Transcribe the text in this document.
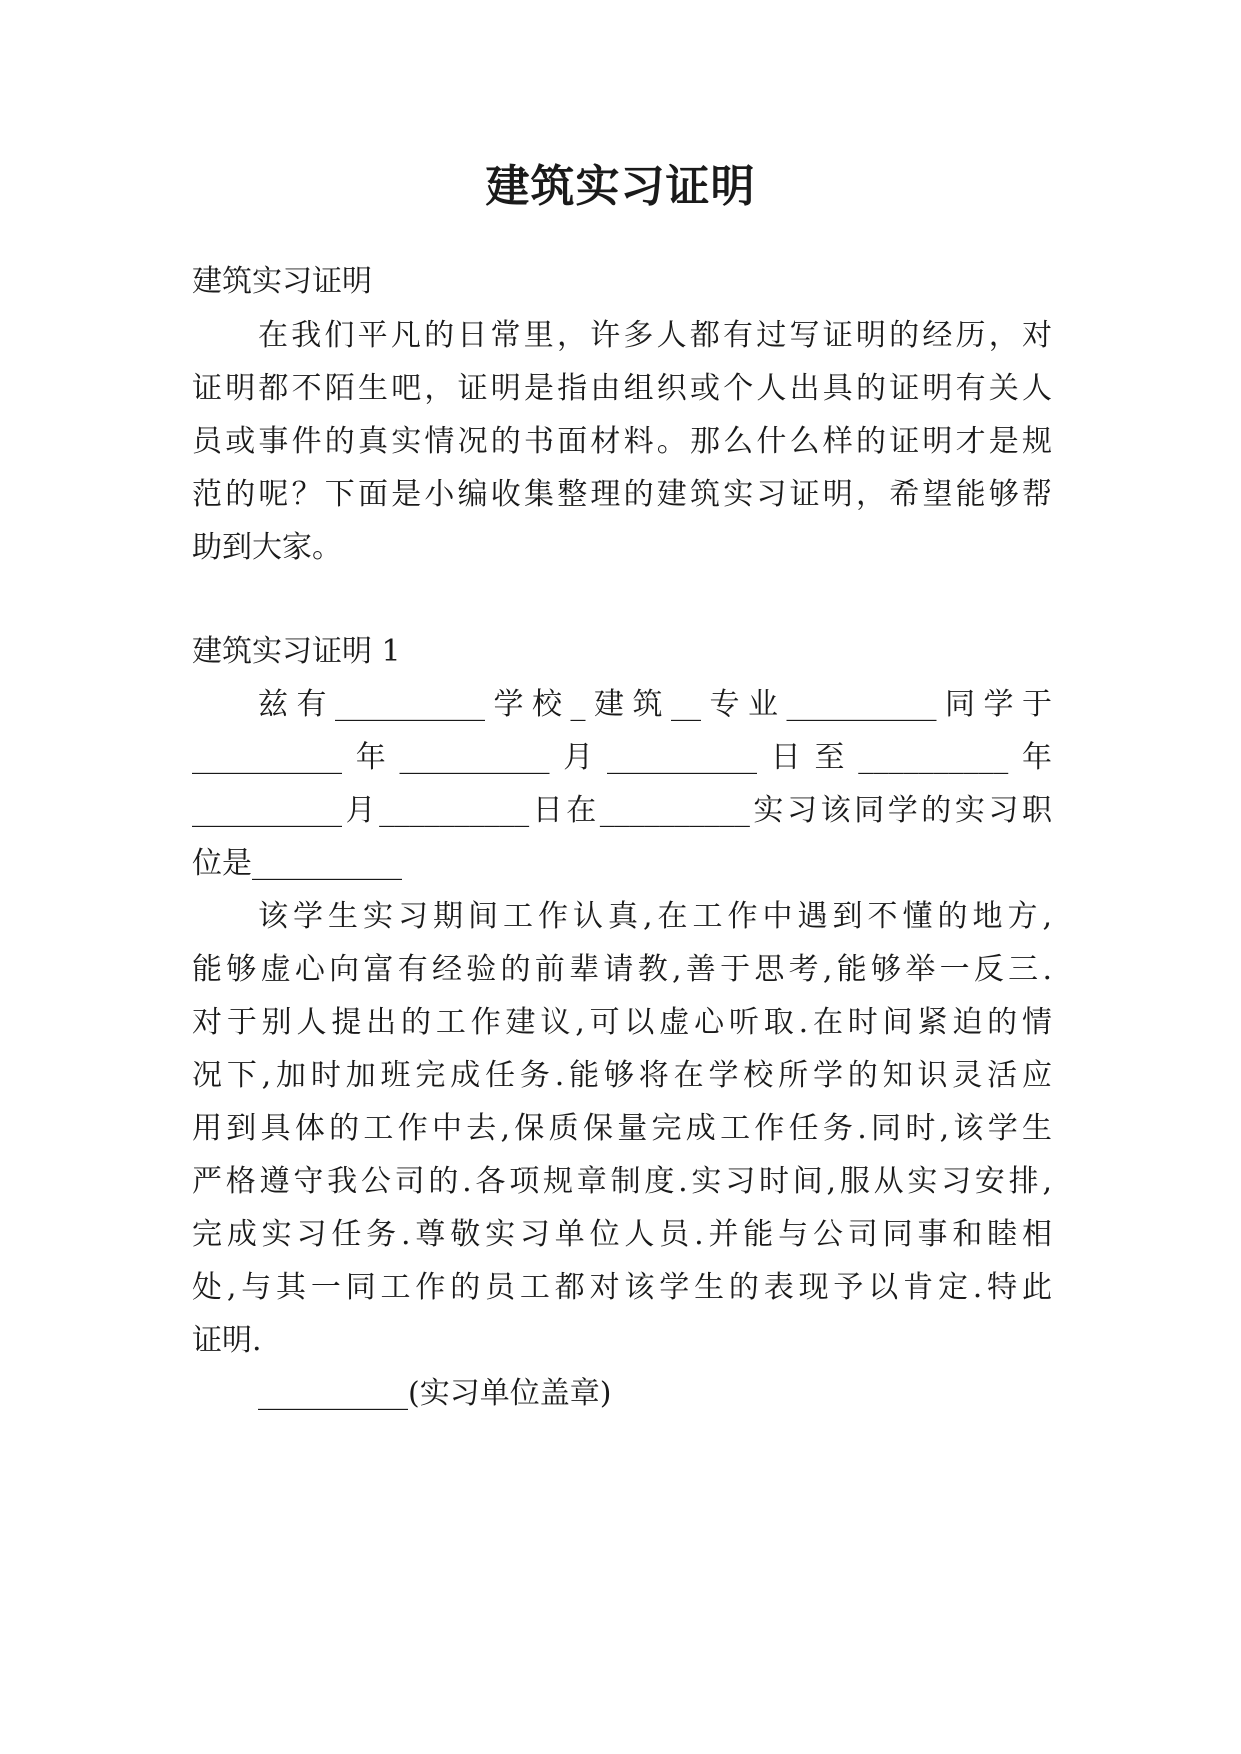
建筑实习证明
建筑实习证明
在我们平凡的日常里，许多人都有过写证明的经历，对
证明都不陌生吧，证明是指由组织或个人出具的证明有关人
员或事件的真实情况的书面材料。那么什么样的证明才是规
范的呢？下面是小编收集整理的建筑实习证明，希望能够帮
助到大家。
建筑实习证明 1
兹有__________学校_建筑__专业__________同学于
__________年__________月__________日至__________年
__________月__________日在__________实习该同学的实习职
位是__________
该学生实习期间工作认真,在工作中遇到不懂的地方,
能够虚心向富有经验的前辈请教,善于思考,能够举一反三.
对于别人提出的工作建议,可以虚心听取.在时间紧迫的情
况下,加时加班完成任务.能够将在学校所学的知识灵活应
用到具体的工作中去,保质保量完成工作任务.同时,该学生
严格遵守我公司的.各项规章制度.实习时间,服从实习安排,
完成实习任务.尊敬实习单位人员.并能与公司同事和睦相
处,与其一同工作的员工都对该学生的表现予以肯定.特此
证明.
__________(实习单位盖章)
